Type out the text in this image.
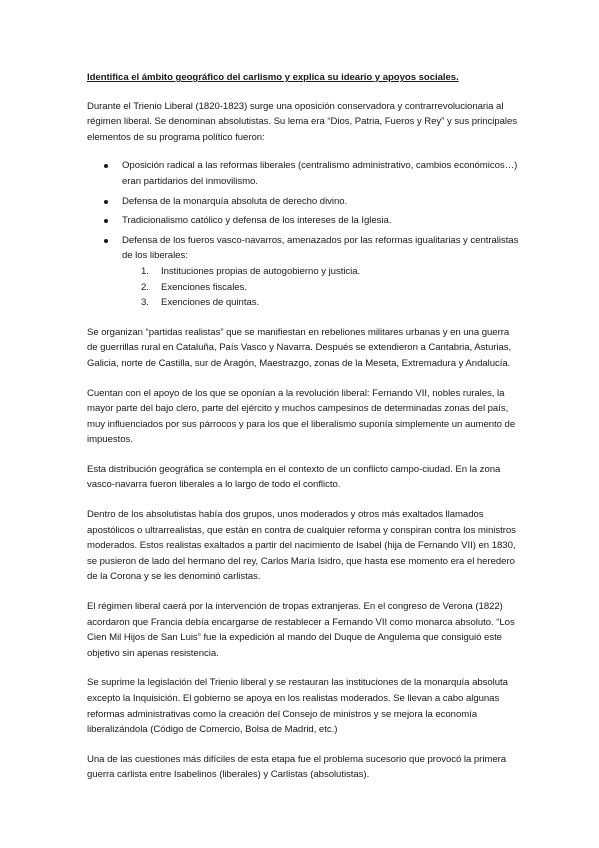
Identifica el ámbito geográfico del carlismo y explica su ideario y apoyos sociales.

Durante el Trienio Liberal (1820-1823) surge una oposición conservadora y contrarrevolucionaria al régimen liberal. Se denominan absolutistas. Su lema era “Dios, Patria, Fueros y Rey” y sus principales elementos de su programa político fueron:

Oposición radical a las reformas liberales (centralismo administrativo, cambios económicos…) eran partidarios del inmovilismo.
Defensa de la monarquía absoluta de derecho divino.
Tradicionalismo católico y defensa de los intereses de la Iglesia.
Defensa de los fueros vasco-navarros, amenazados por las reformas igualitarias y centralistas de los liberales:
1. Instituciones propias de autogobierno y justicia.
2. Exenciones fiscales.
3. Exenciones de quintas.

Se organizan “partidas realistas” que se manifiestan en rebeliones militares urbanas y en una guerra de guerrillas rural en Cataluña, País Vasco y Navarra. Después se extendieron a Cantabria, Asturias, Galicia, norte de Castilla, sur de Aragón, Maestrazgo, zonas de la Meseta, Extremadura y Andalucía.

Cuentan con el apoyo de los que se oponían a la revolución liberal: Fernando VII, nobles rurales, la mayor parte del bajo clero, parte del ejército y muchos campesinos de determinadas zonas del país, muy influenciados por sus párrocos y para los que el liberalismo suponía simplemente un aumento de impuestos.

Esta distribución geográfica se contempla en el contexto de un conflicto campo-ciudad. En la zona vasco-navarra fueron liberales a lo largo de todo el conflicto.

Dentro de los absolutistas había dos grupos, unos moderados y otros más exaltados llamados apostólicos o ultrarrealistas, que están en contra de cualquier reforma y conspiran contra los ministros moderados. Estos realistas exaltados a partir del nacimiento de Isabel (hija de Fernando VII) en 1830, se pusieron de lado del hermano del rey, Carlos María Isidro, que hasta ese momento era el heredero de la Corona y se les denominó carlistas.

El régimen liberal caerá por la intervención de tropas extranjeras. En el congreso de Verona (1822) acordaron que Francia debía encargarse de restablecer a Fernando VII como monarca absoluto. “Los Cien Mil Hijos de San Luis” fue la expedición al mando del Duque de Angulema que consiguió este objetivo sin apenas resistencia.

Se suprime la legislación del Trienio liberal y se restauran las instituciones de la monarquía absoluta excepto la Inquisición. El gobierno se apoya en los realistas moderados. Se llevan a cabo algunas reformas administrativas como la creación del Consejo de ministros y se mejora la economía liberalizándola (Código de Comercio, Bolsa de Madrid, etc.)

Una de las cuestiones más difíciles de esta etapa fue el problema sucesorio que provocó la primera guerra carlista entre Isabelinos (liberales) y Carlistas (absolutistas).
